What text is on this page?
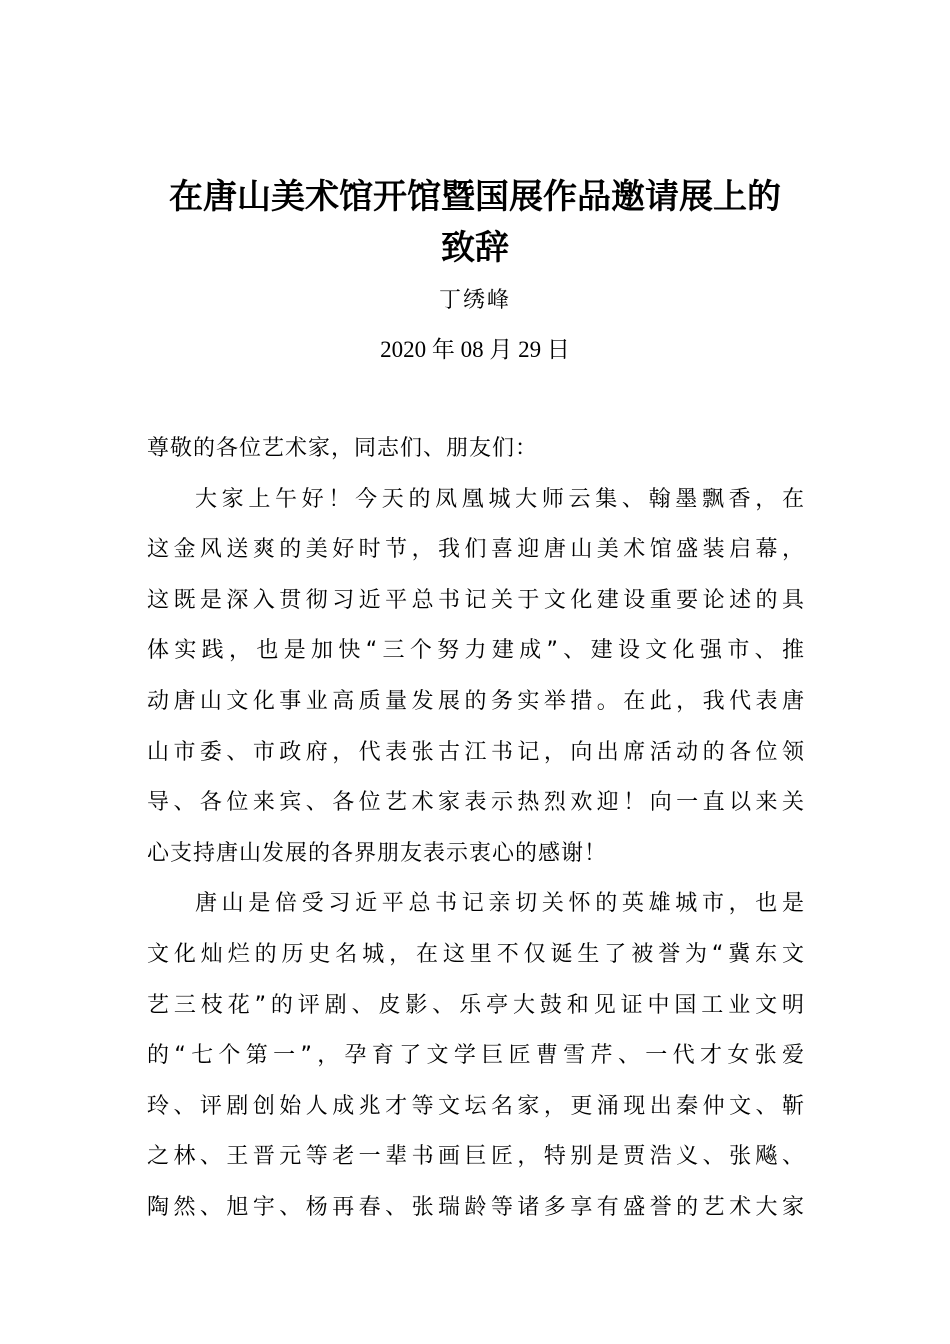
在唐山美术馆开馆暨国展作品邀请展上的
致辞
丁绣峰
2020 年 08 月 29 日
尊敬的各位艺术家，同志们、朋友们：
大家上午好！今天的凤凰城大师云集、翰墨飘香，在
这金风送爽的美好时节，我们喜迎唐山美术馆盛装启幕，
这既是深入贯彻习近平总书记关于文化建设重要论述的具
体实践，也是加快“三个努力建成”、建设文化强市、推
动唐山文化事业高质量发展的务实举措。在此，我代表唐
山市委、市政府，代表张古江书记，向出席活动的各位领
导、各位来宾、各位艺术家表示热烈欢迎！向一直以来关
心支持唐山发展的各界朋友表示衷心的感谢！
唐山是倍受习近平总书记亲切关怀的英雄城市，也是
文化灿烂的历史名城，在这里不仅诞生了被誉为“冀东文
艺三枝花”的评剧、皮影、乐亭大鼓和见证中国工业文明
的“七个第一”，孕育了文学巨匠曹雪芹、一代才女张爱
玲、评剧创始人成兆才等文坛名家，更涌现出秦仲文、靳
之林、王晋元等老一辈书画巨匠，特别是贾浩义、张飚、
陶然、旭宇、杨再春、张瑞龄等诸多享有盛誉的艺术大家
